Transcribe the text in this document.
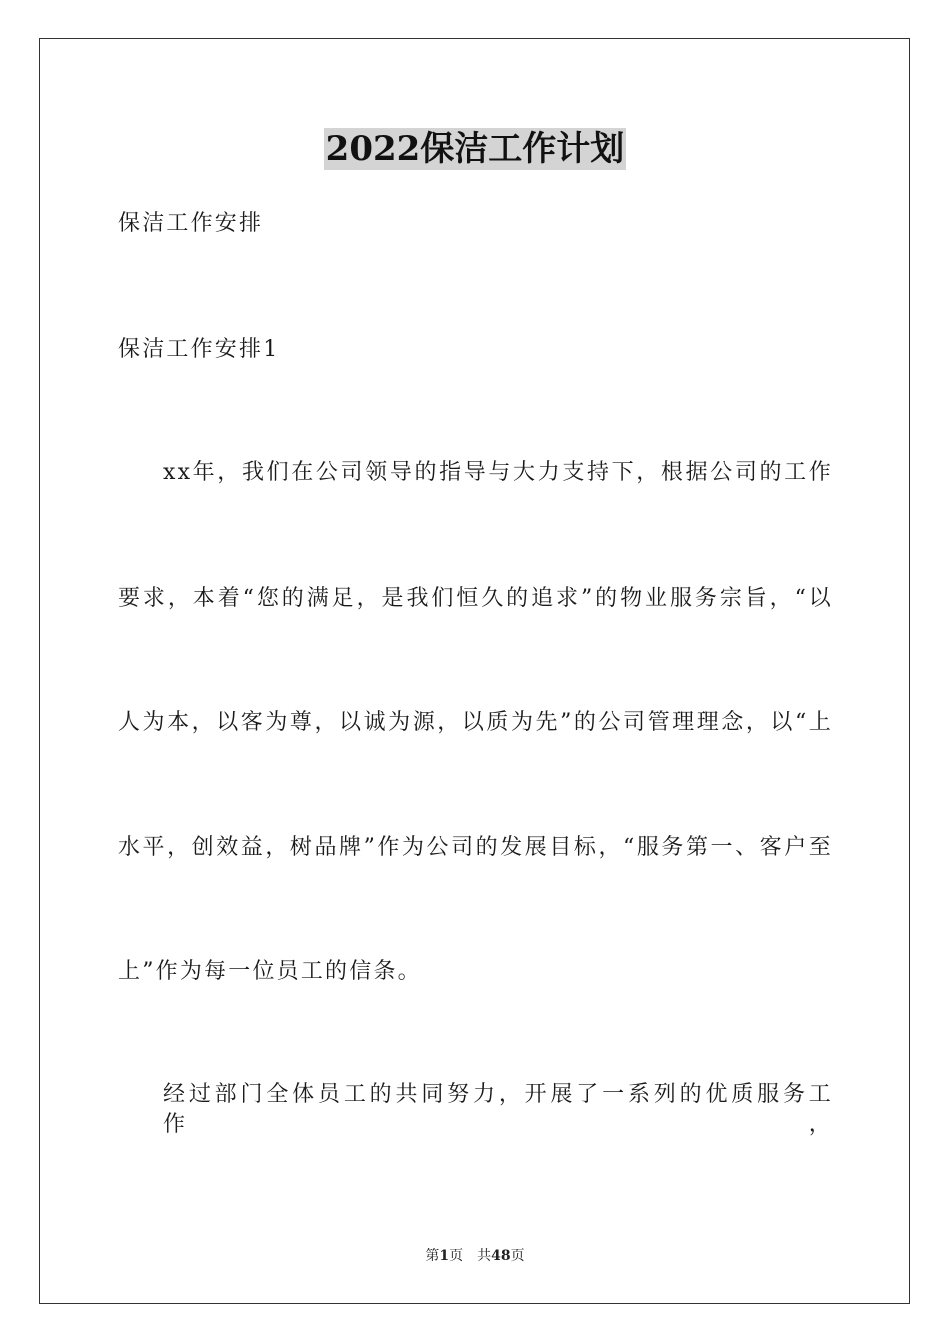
2022保洁工作计划
保洁工作安排
保洁工作安排1
xx年，我们在公司领导的指导与大力支持下，根据公司的工作
要求，本着“您的满足，是我们恒久的追求”的物业服务宗旨，“以
人为本，以客为尊，以诚为源，以质为先”的公司管理理念，以“上
水平，创效益，树品牌”作为公司的发展目标，“服务第一、客户至
上”作为每一位员工的信条。
经过部门全体员工的共同努力，开展了一系列的优质服务工作，
第1页 共48页
